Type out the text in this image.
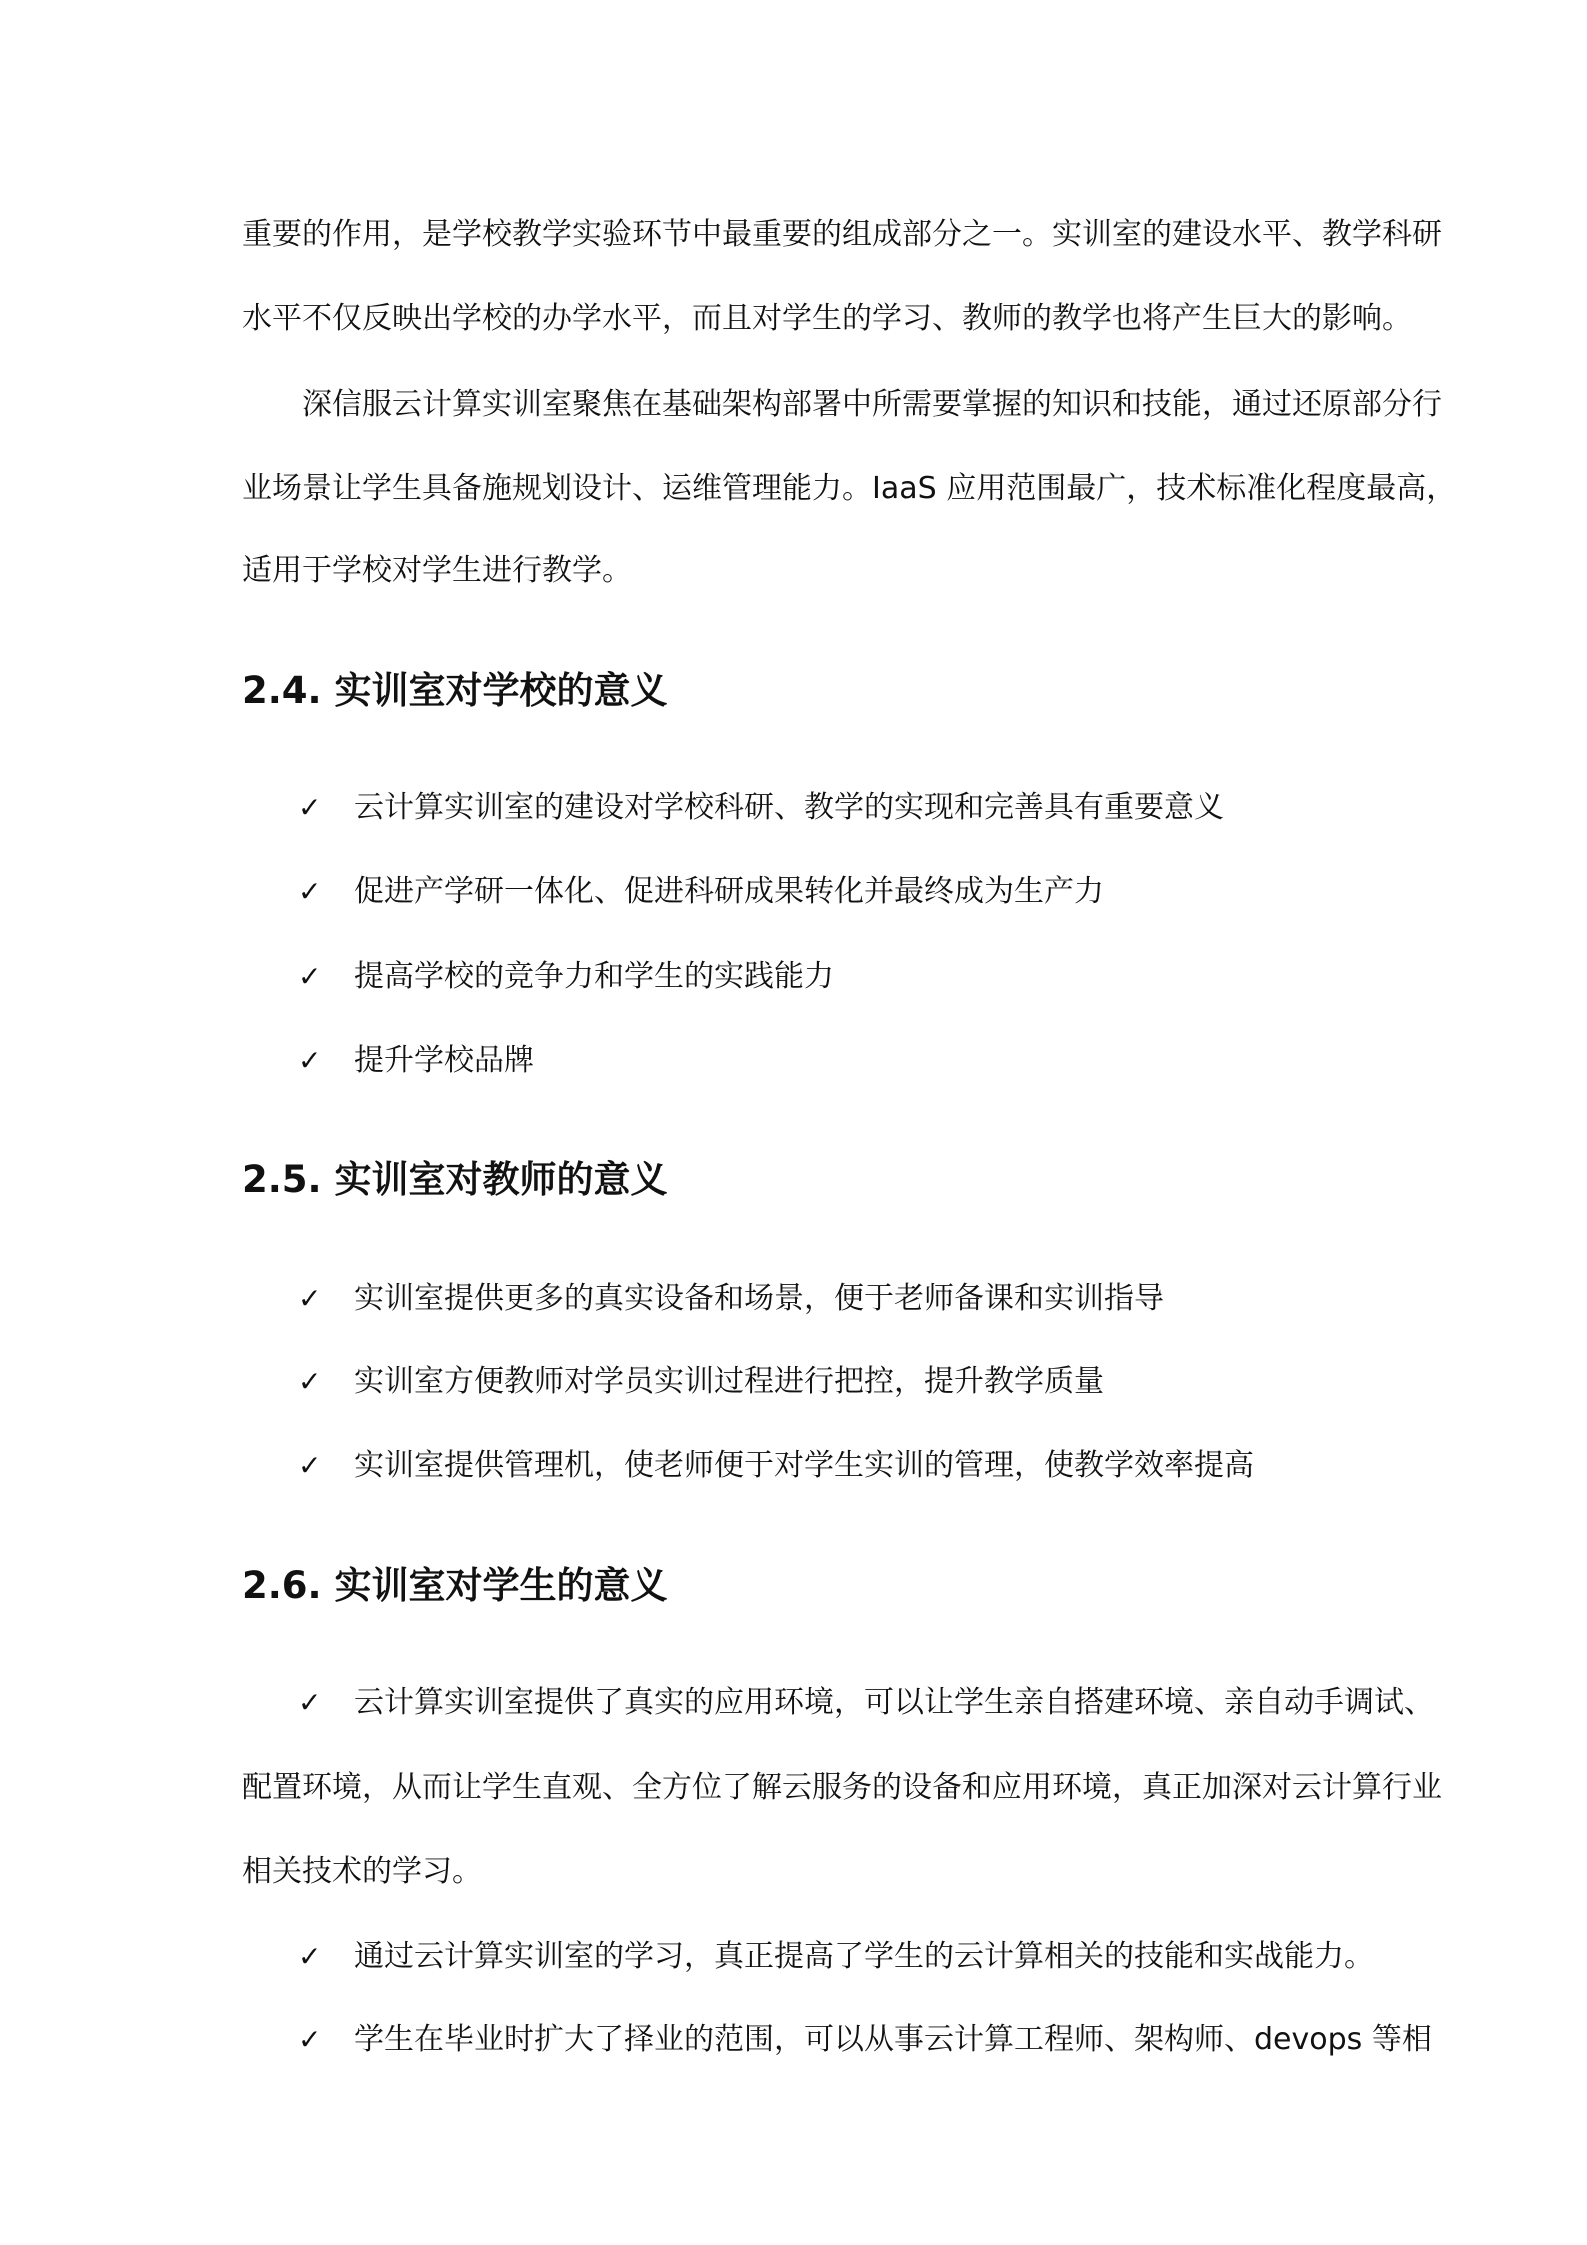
重要的作用，是学校教学实验环节中最重要的组成部分之一。实训室的建设水平、教学科研
水平不仅反映出学校的办学水平，而且对学生的学习、教师的教学也将产生巨大的影响。
深信服云计算实训室聚焦在基础架构部署中所需要掌握的知识和技能，通过还原部分行
业场景让学生具备施规划设计、运维管理能力。IaaS 应用范围最广，技术标准化程度最高，
适用于学校对学生进行教学。
2.4. 实训室对学校的意义
✓ 云计算实训室的建设对学校科研、教学的实现和完善具有重要意义
✓ 促进产学研一体化、促进科研成果转化并最终成为生产力
✓ 提高学校的竞争力和学生的实践能力
✓ 提升学校品牌
2.5. 实训室对教师的意义
✓ 实训室提供更多的真实设备和场景，便于老师备课和实训指导
✓ 实训室方便教师对学员实训过程进行把控，提升教学质量
✓ 实训室提供管理机，使老师便于对学生实训的管理，使教学效率提高
2.6. 实训室对学生的意义
✓ 云计算实训室提供了真实的应用环境，可以让学生亲自搭建环境、亲自动手调试、
配置环境，从而让学生直观、全方位了解云服务的设备和应用环境，真正加深对云计算行业
相关技术的学习。
✓ 通过云计算实训室的学习，真正提高了学生的云计算相关的技能和实战能力。
✓ 学生在毕业时扩大了择业的范围，可以从事云计算工程师、架构师、devops 等相
